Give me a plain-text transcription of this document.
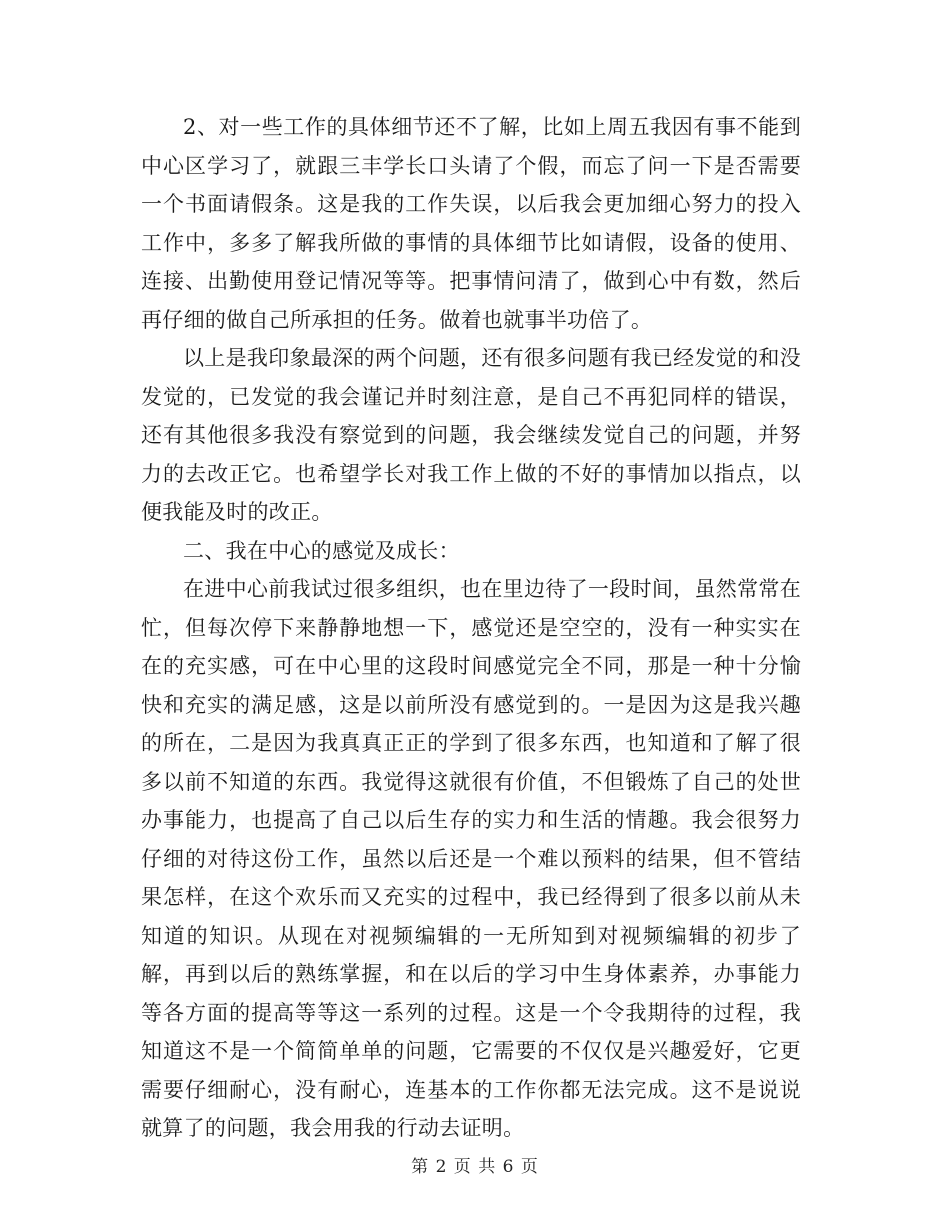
2、对一些工作的具体细节还不了解，比如上周五我因有事不能到中心区学习了，就跟三丰学长口头请了个假，而忘了问一下是否需要一个书面请假条。这是我的工作失误，以后我会更加细心努力的投入工作中，多多了解我所做的事情的具体细节比如请假，设备的使用、连接、出勤使用登记情况等等。把事情问清了，做到心中有数，然后再仔细的做自己所承担的任务。做着也就事半功倍了。

以上是我印象最深的两个问题，还有很多问题有我已经发觉的和没发觉的，已发觉的我会谨记并时刻注意，是自己不再犯同样的错误，还有其他很多我没有察觉到的问题，我会继续发觉自己的问题，并努力的去改正它。也希望学长对我工作上做的不好的事情加以指点，以便我能及时的改正。

二、我在中心的感觉及成长：

在进中心前我试过很多组织，也在里边待了一段时间，虽然常常在忙，但每次停下来静静地想一下，感觉还是空空的，没有一种实实在在的充实感，可在中心里的这段时间感觉完全不同，那是一种十分愉快和充实的满足感，这是以前所没有感觉到的。一是因为这是我兴趣的所在，二是因为我真真正正的学到了很多东西，也知道和了解了很多以前不知道的东西。我觉得这就很有价值，不但锻炼了自己的处世办事能力，也提高了自己以后生存的实力和生活的情趣。我会很努力仔细的对待这份工作，虽然以后还是一个难以预料的结果，但不管结果怎样，在这个欢乐而又充实的过程中，我已经得到了很多以前从未知道的知识。从现在对视频编辑的一无所知到对视频编辑的初步了解，再到以后的熟练掌握，和在以后的学习中生身体素养，办事能力等各方面的提高等等这一系列的过程。这是一个令我期待的过程，我知道这不是一个简简单单的问题，它需要的不仅仅是兴趣爱好，它更需要仔细耐心，没有耐心，连基本的工作你都无法完成。这不是说说就算了的问题，我会用我的行动去证明。

第 2 页 共 6 页
